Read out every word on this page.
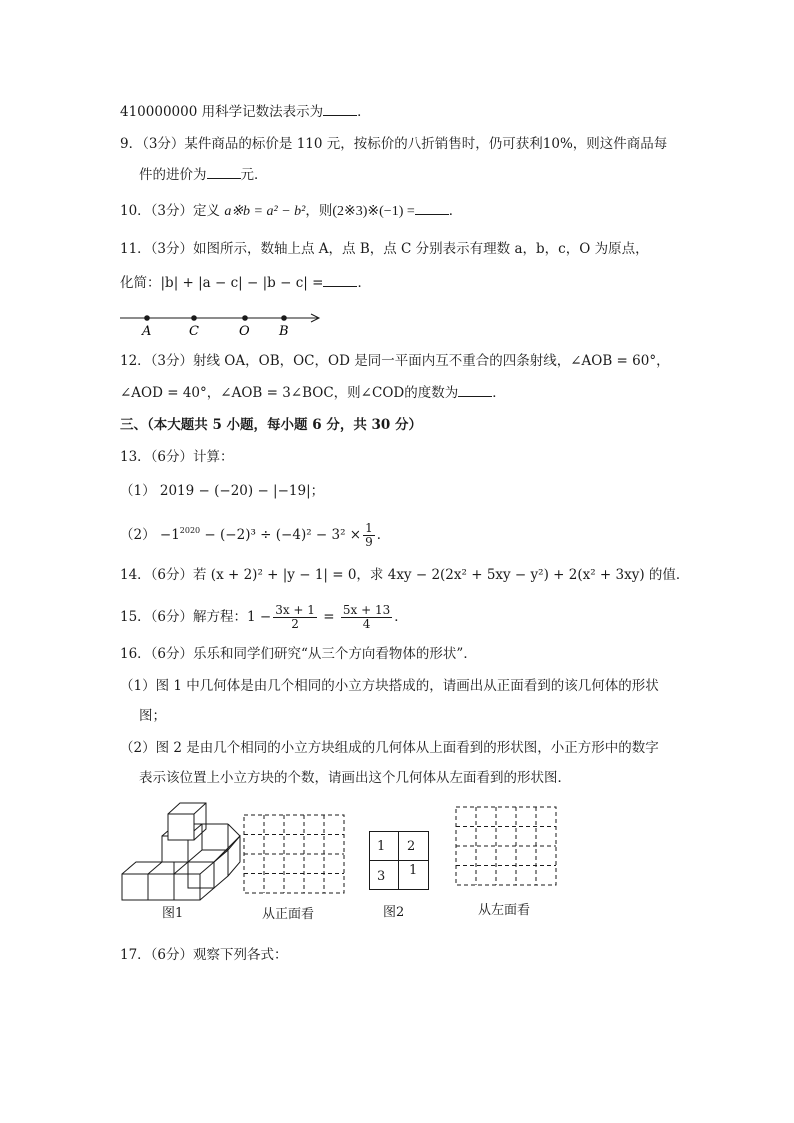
410000000 用科学记数法表示为	．
9．（3分）某件商品的标价是 110 元，按标价的八折销售时，仍可获利10%，则这件商品每
件的进价为	元．
10．（3分）定义 a※b = a² − b²，则(2※3)※(−1) =	．
11．（3分）如图所示，数轴上点 A，点 B，点 C 分别表示有理数 a，b，c，O 为原点，
化简：|b| + |a − c| − |b − c| =	．
A	C	O B
12．（3分）射线 OA，OB，OC，OD 是同一平面内互不重合的四条射线，∠AOB = 60°，
∠AOD = 40°，∠AOB = 3∠BOC，则∠COD的度数为	．
三、（本大题共 5 小题，每小题 6 分，共 30 分）
13．（6分）计算：
（1） 2019 − (−20) − |−19|；
$(2) -1^{2020} - (-2)^3 \div (-4)^2 - 3^2 \times \frac{1}{9}$ ．
14．（6分）若 (x + 2)² + |y − 1| = 0，求 4xy − 2(2x² + 5xy − y²) + 2(x² + 3xy) 的值．
15．（6分）解方程：$1 - \frac{3x + 1}{2} = \frac{5x + 13}{4}$ ．
16．（6分）乐乐和同学们研究“从三个方向看物体的形状”．
（1）图 1 中几何体是由几个相同的小立方块搭成的，请画出从正面看到的该几何体的形状
图；
（2）图 2 是由几个相同的小立方块组成的几何体从上面看到的形状图，小正方形中的数字
表示该位置上小立方块的个数，请画出这个几何体从左面看到的形状图．
图1	从正面看
1 2
3 1
图2	从左面看
17．（6分）观察下列各式：
